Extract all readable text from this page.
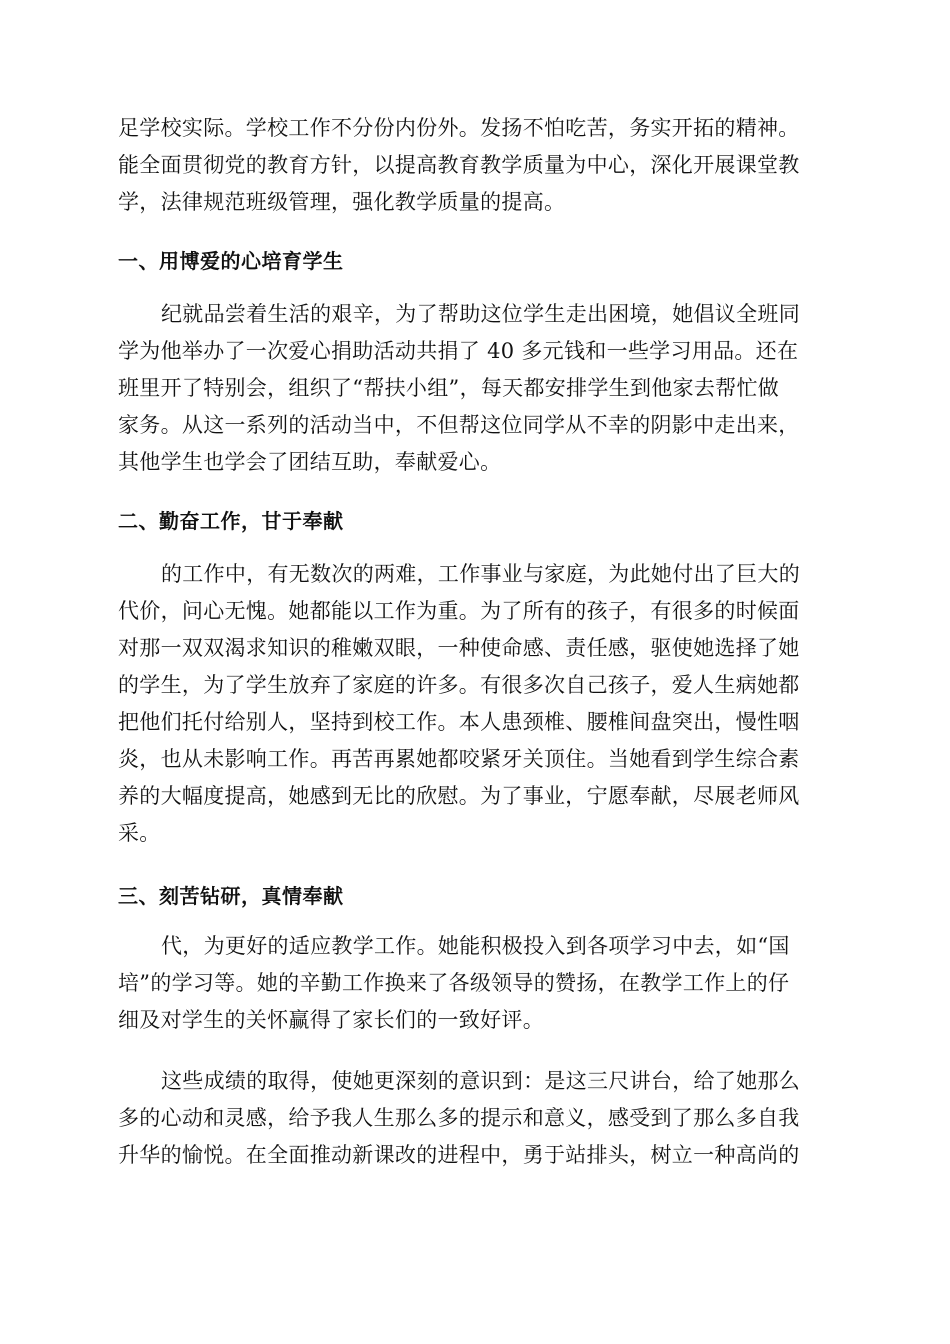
足学校实际。学校工作不分份内份外。发扬不怕吃苦，务实开拓的精神。
能全面贯彻党的教育方针，以提高教育教学质量为中心，深化开展课堂教
学，法律规范班级管理，强化教学质量的提高。
一、用博爱的心培育学生
纪就品尝着生活的艰辛，为了帮助这位学生走出困境，她倡议全班同
学为他举办了一次爱心捐助活动共捐了 40 多元钱和一些学习用品。还在
班里开了特别会，组织了“帮扶小组”，每天都安排学生到他家去帮忙做
家务。从这一系列的活动当中，不但帮这位同学从不幸的阴影中走出来，
其他学生也学会了团结互助，奉献爱心。
二、勤奋工作，甘于奉献
的工作中，有无数次的两难，工作事业与家庭，为此她付出了巨大的
代价，问心无愧。她都能以工作为重。为了所有的孩子，有很多的时候面
对那一双双渴求知识的稚嫩双眼，一种使命感、责任感，驱使她选择了她
的学生，为了学生放弃了家庭的许多。有很多次自己孩子，爱人生病她都
把他们托付给别人，坚持到校工作。本人患颈椎、腰椎间盘突出，慢性咽
炎，也从未影响工作。再苦再累她都咬紧牙关顶住。当她看到学生综合素
养的大幅度提高，她感到无比的欣慰。为了事业，宁愿奉献，尽展老师风
采。
三、刻苦钻研，真情奉献
代，为更好的适应教学工作。她能积极投入到各项学习中去，如“国
培”的学习等。她的辛勤工作换来了各级领导的赞扬，在教学工作上的仔
细及对学生的关怀赢得了家长们的一致好评。
这些成绩的取得，使她更深刻的意识到：是这三尺讲台，给了她那么
多的心动和灵感，给予我人生那么多的提示和意义，感受到了那么多自我
升华的愉悦。在全面推动新课改的进程中，勇于站排头，树立一种高尚的
